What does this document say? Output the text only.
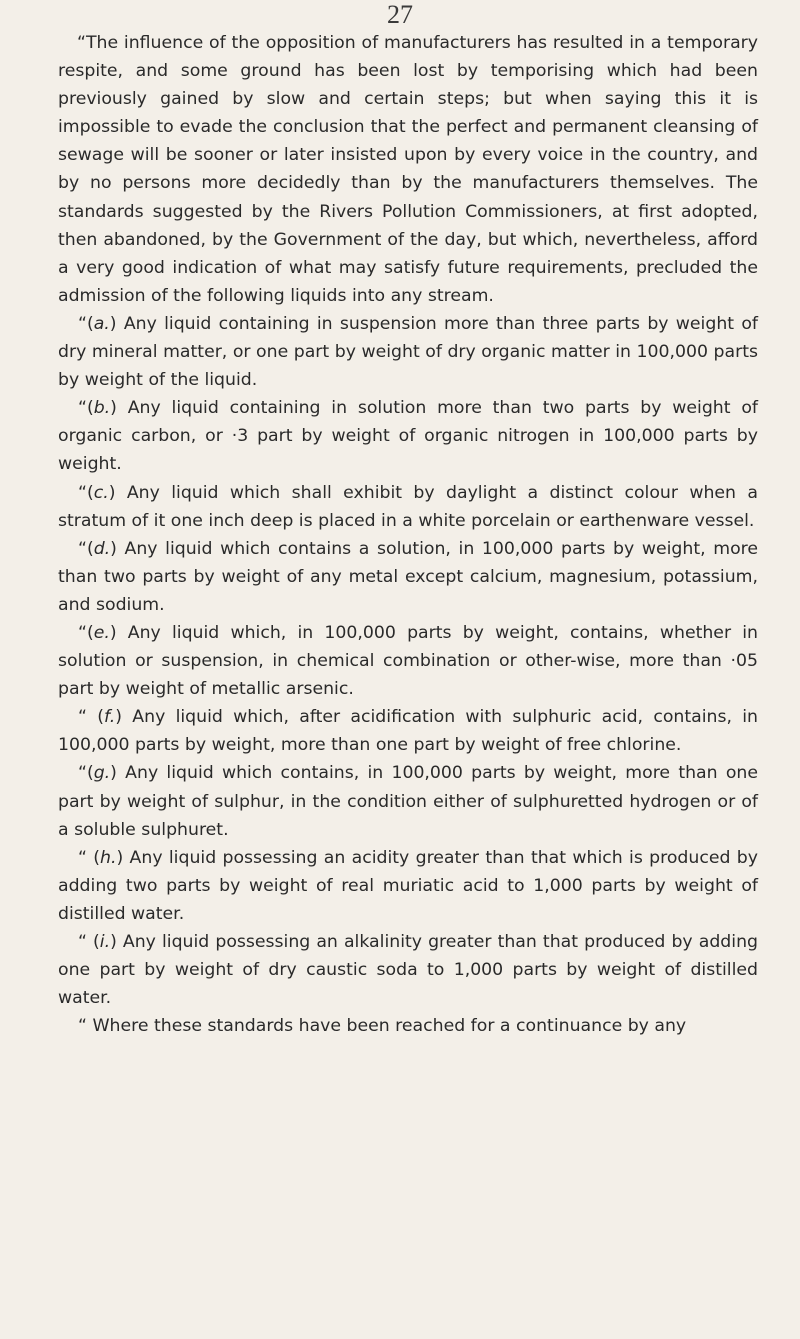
27

“The influence of the opposition of manufacturers has resulted in a temporary respite, and some ground has been lost by temporising which had been previously gained by slow and certain steps; but when saying this it is impossible to evade the conclusion that the perfect and permanent cleansing of sewage will be sooner or later insisted upon by every voice in the country, and by no persons more decidedly than by the manufacturers themselves. The standards suggested by the Rivers Pollution Commissioners, at first adopted, then abandoned, by the Government of the day, but which, nevertheless, afford a very good indication of what may satisfy future requirements, precluded the admission of the following liquids into any stream.

“(a.) Any liquid containing in suspension more than three parts by weight of dry mineral matter, or one part by weight of dry organic matter in 100,000 parts by weight of the liquid.

“(b.) Any liquid containing in solution more than two parts by weight of organic carbon, or ·3 part by weight of organic nitrogen in 100,000 parts by weight.

“(c.) Any liquid which shall exhibit by daylight a distinct colour when a stratum of it one inch deep is placed in a white porcelain or earthenware vessel.

“(d.) Any liquid which contains a solution, in 100,000 parts by weight, more than two parts by weight of any metal except calcium, magnesium, potassium, and sodium.

“(e.) Any liquid which, in 100,000 parts by weight, contains, whether in solution or suspension, in chemical combination or other-wise, more than ·05 part by weight of metallic arsenic.

“ (f.) Any liquid which, after acidification with sulphuric acid, contains, in 100,000 parts by weight, more than one part by weight of free chlorine.

“(g.) Any liquid which contains, in 100,000 parts by weight, more than one part by weight of sulphur, in the condition either of sulphuretted hydrogen or of a soluble sulphuret.

“ (h.) Any liquid possessing an acidity greater than that which is produced by adding two parts by weight of real muriatic acid to 1,000 parts by weight of distilled water.

“ (i.) Any liquid possessing an alkalinity greater than that produced by adding one part by weight of dry caustic soda to 1,000 parts by weight of distilled water.

“ Where these standards have been reached for a continuance by any
